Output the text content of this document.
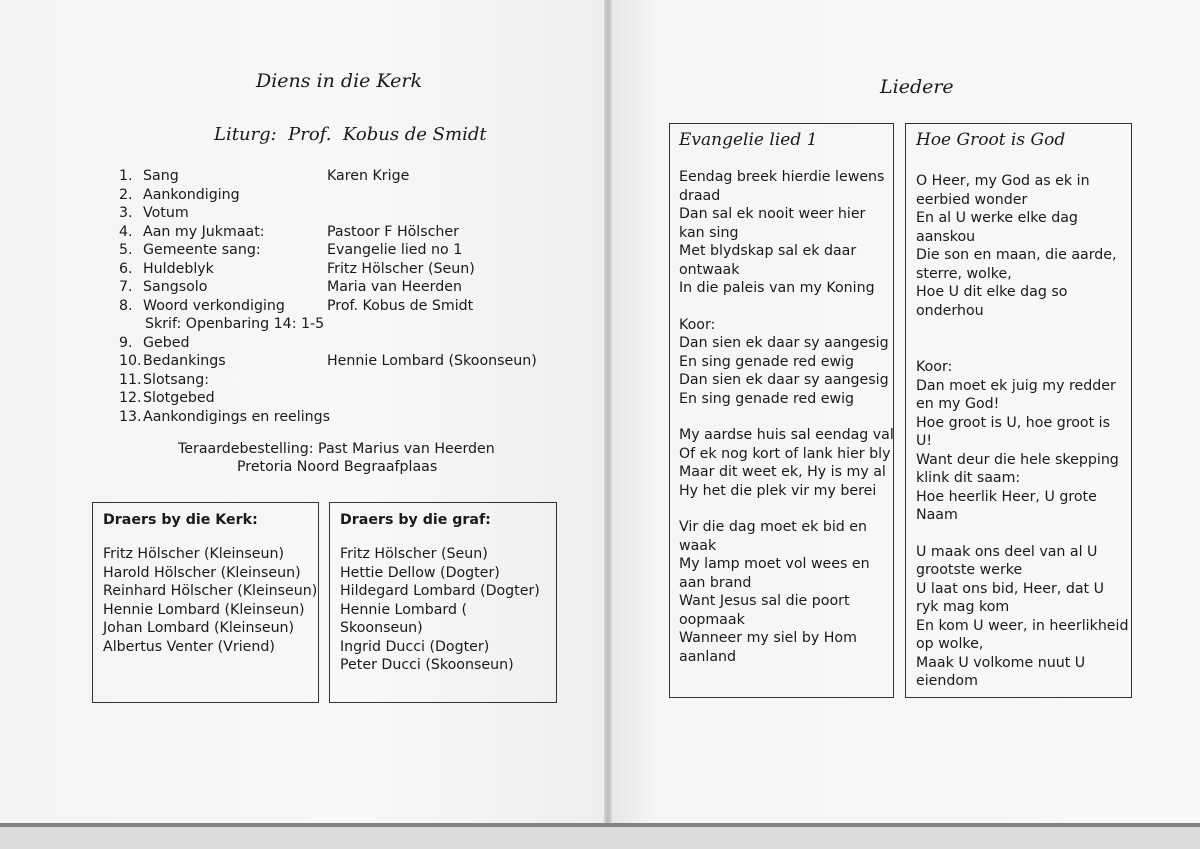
Diens in die Kerk
Liturg:  Prof.  Kobus de Smidt
1. Sang	Karen Krige
2. Aankondiging
3. Votum
4. Aan my Jukmaat:	Pastoor F Hölscher
5. Gemeente sang:	Evangelie lied no 1
6. Huldeblyk	Fritz Hölscher (Seun)
7. Sangsolo	Maria van Heerden
8. Woord verkondiging	Prof. Kobus de Smidt
Skrif: Openbaring 14: 1-5
9. Gebed
10.Bedankings	Hennie Lombard (Skoonseun)
11.Slotsang:
12.Slotgebed
13.Aankondigings en reelings
Teraardebestelling: Past Marius van Heerden
Pretoria Noord Begraafplaas
Draers by die Kerk:
Fritz Hölscher (Kleinseun)
Harold Hölscher (Kleinseun)
Reinhard Hölscher (Kleinseun)
Hennie Lombard (Kleinseun)
Johan Lombard (Kleinseun)
Albertus Venter (Vriend)
Draers by die graf:
Fritz Hölscher (Seun)
Hettie Dellow (Dogter)
Hildegard Lombard (Dogter)
Hennie Lombard (
Skoonseun)
Ingrid Ducci (Dogter)
Peter Ducci (Skoonseun)
Liedere
Evangelie lied 1
Eendag breek hierdie lewens
draad
Dan sal ek nooit weer hier
kan sing
Met blydskap sal ek daar
ontwaak
In die paleis van my Koning
Koor:
Dan sien ek daar sy aangesig
En sing genade red ewig
Dan sien ek daar sy aangesig
En sing genade red ewig
My aardse huis sal eendag val
Of ek nog kort of lank hier bly
Maar dit weet ek, Hy is my al
Hy het die plek vir my berei
Vir die dag moet ek bid en
waak
My lamp moet vol wees en
aan brand
Want Jesus sal die poort
oopmaak
Wanneer my siel by Hom
aanland
Hoe Groot is God
O Heer, my God as ek in
eerbied wonder
En al U werke elke dag
aanskou
Die son en maan, die aarde,
sterre, wolke,
Hoe U dit elke dag so
onderhou
Koor:
Dan moet ek juig my redder
en my God!
Hoe groot is U, hoe groot is
U!
Want deur die hele skepping
klink dit saam:
Hoe heerlik Heer, U grote
Naam
U maak ons deel van al U
grootste werke
U laat ons bid, Heer, dat U
ryk mag kom
En kom U weer, in heerlikheid
op wolke,
Maak U volkome nuut U
eiendom
